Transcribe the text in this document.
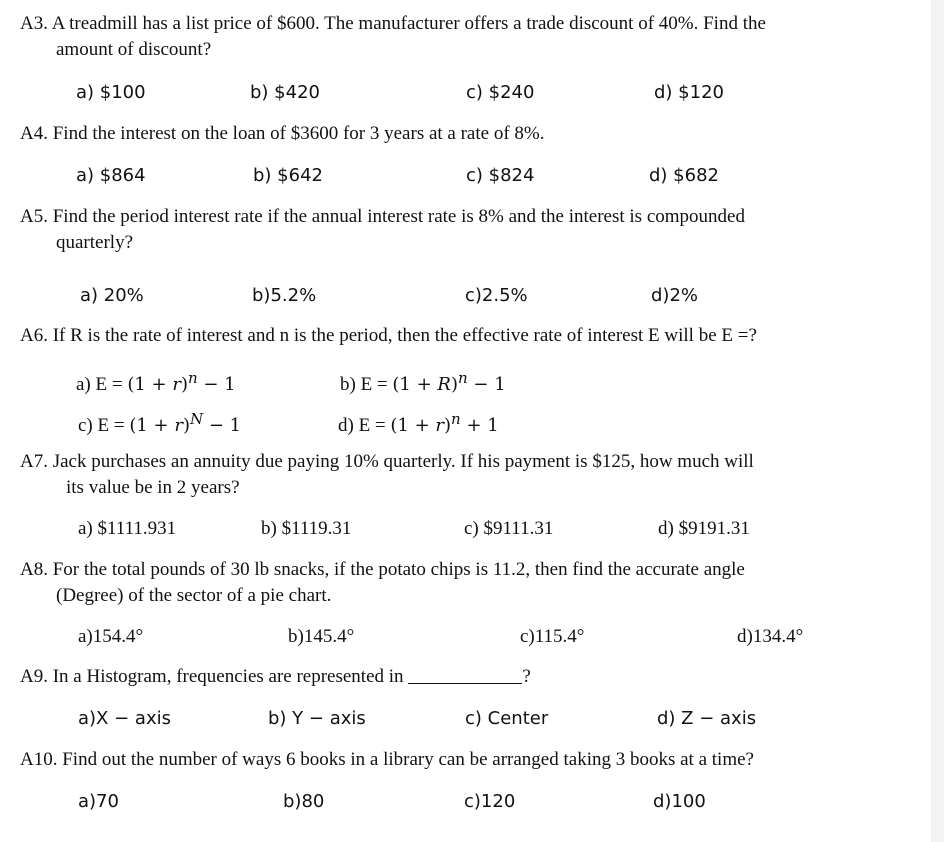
A3. A treadmill has a list price of $600. The manufacturer offers a trade discount of 40%. Find the
amount of discount?
a) $100	b) $420	c) $240	d) $120
A4. Find the interest on the loan of $3600 for 3 years at a rate of 8%.
a) $864	b) $642	c) $824	d) $682
A5. Find the period interest rate if the annual interest rate is 8% and the interest is compounded
quarterly?
a) 20%	b)5.2%	c)2.5%	d)2%
A6. If R is the rate of interest and n is the period, then the effective rate of interest E will be E =?
a) $E = (1 + r)^n - 1$	b) $E = (1 + R)^n - 1$
c) $E = (1 + r)^N - 1$	d) $E = (1 + r)^n + 1$
A7. Jack purchases an annuity due paying 10% quarterly. If his payment is $125, how much will
its value be in 2 years?
a) $1111.931	b) $1119.31	c) $9111.31	d) $9191.31
A8. For the total pounds of 30 lb snacks, if the potato chips is 11.2, then find the accurate angle
(Degree) of the sector of a pie chart.
a)154.4°	b)145.4°	c)115.4°	d)134.4°
A9. In a Histogram, frequencies are represented in	?
a)X − axis	b) Y − axis	c) Center	d) Z − axis
A10. Find out the number of ways 6 books in a library can be arranged taking 3 books at a time?
a)70	b)80	c)120	d)100
